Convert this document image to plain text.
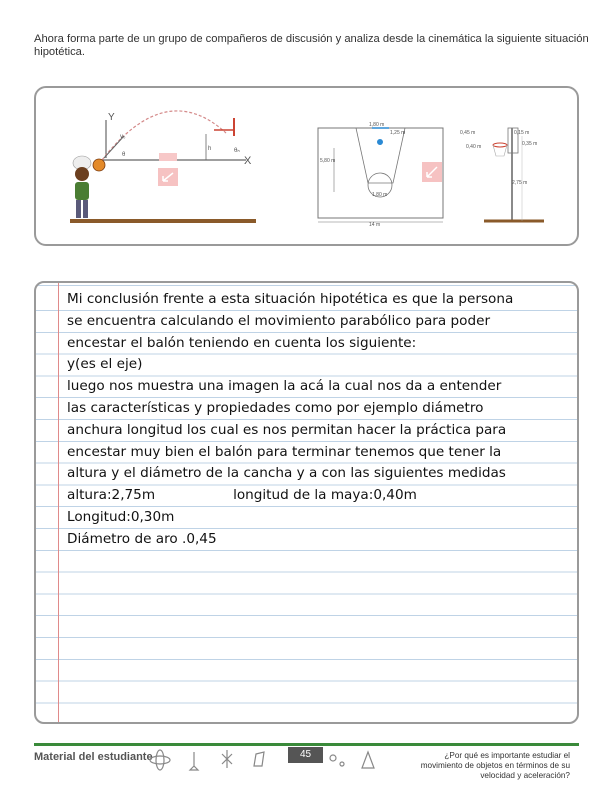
Ahora forma parte de un grupo de compañeros de discusión y analiza desde la cinemática la siguiente situación hipotética.
Y
X
v₀
θ
h	θₕ
1,80 m
1,25 m
5,80 m
1,80 m
14 m
0,45 m	0,15 m
0,35 m
0,40 m
2,75 m
Mi conclusión frente a esta situación hipotética es que la persona
se encuentra calculando el movimiento parabólico para poder
encestar el balón teniendo en cuenta los siguiente:
y(es el eje)
luego nos muestra una imagen la acá la cual nos da a entender
las características y propiedades como por ejemplo diámetro
anchura longitud los cual es nos permitan hacer la práctica para
encestar muy bien el balón para terminar tenemos que tener la
altura y el diámetro de la cancha y a con las siguientes medidas
altura:2,75m	longitud de la maya:0,40m
Longitud:0,30m
Diámetro de aro .0,45
Material del estudiante	45	¿Por qué es importante estudiar el movimiento de objetos en términos de su velocidad y aceleración?
